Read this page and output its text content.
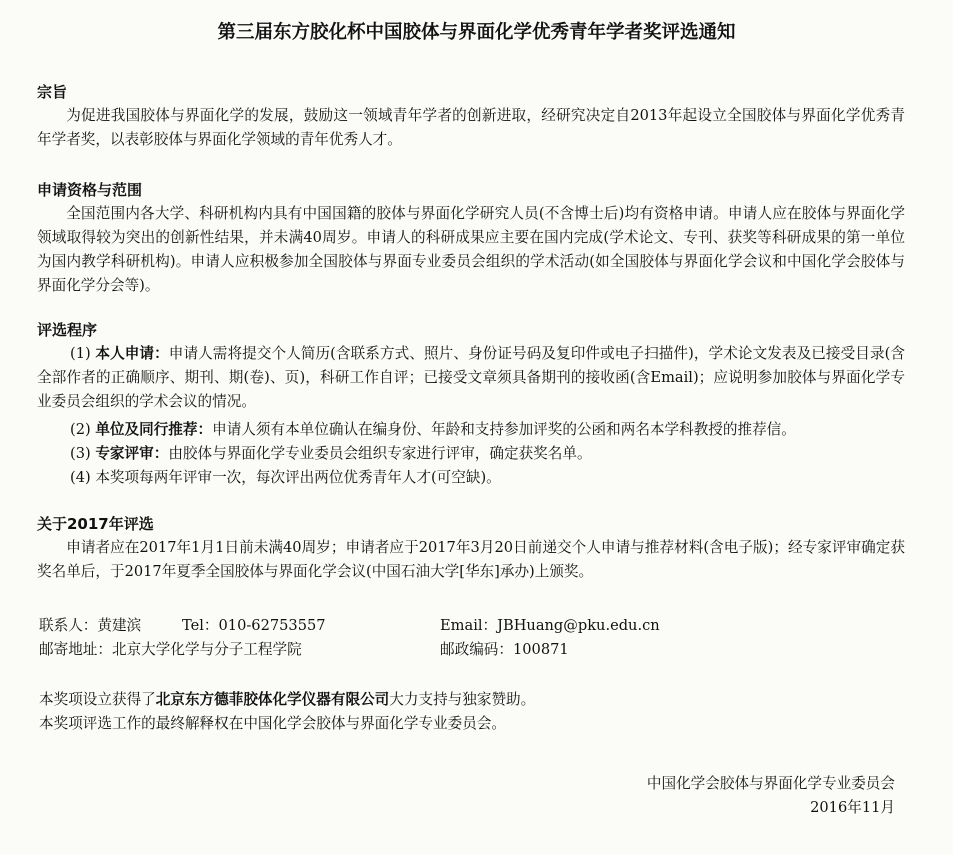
第三届东方胶化杯中国胶体与界面化学优秀青年学者奖评选通知
宗旨
为促进我国胶体与界面化学的发展，鼓励这一领域青年学者的创新进取，经研究决定自2013年起设立全国胶体与界面化学优秀青年学者奖，以表彰胶体与界面化学领域的青年优秀人才。
申请资格与范围
全国范围内各大学、科研机构内具有中国国籍的胶体与界面化学研究人员(不含博士后)均有资格申请。申请人应在胶体与界面化学领域取得较为突出的创新性结果，并未满40周岁。申请人的科研成果应主要在国内完成(学术论文、专刊、获奖等科研成果的第一单位为国内教学科研机构)。申请人应积极参加全国胶体与界面专业委员会组织的学术活动(如全国胶体与界面化学会议和中国化学会胶体与界面化学分会等)。
评选程序
(1) 本人申请：申请人需将提交个人简历(含联系方式、照片、身份证号码及复印件或电子扫描件)，学术论文发表及已接受目录(含全部作者的正确顺序、期刊、期(卷)、页)，科研工作自评；已接受文章须具备期刊的接收函(含Email)；应说明参加胶体与界面化学专业委员会组织的学术会议的情况。
(2) 单位及同行推荐：申请人须有本单位确认在编身份、年龄和支持参加评奖的公函和两名本学科教授的推荐信。
(3) 专家评审：由胶体与界面化学专业委员会组织专家进行评审，确定获奖名单。
(4) 本奖项每两年评审一次，每次评出两位优秀青年人才(可空缺)。
关于2017年评选
申请者应在2017年1月1日前未满40周岁；申请者应于2017年3月20日前递交个人申请与推荐材料(含电子版)；经专家评审确定获奖名单后，于2017年夏季全国胶体与界面化学会议(中国石油大学[华东]承办)上颁奖。
联系人：黄建滨	Tel：010-62753557	Email：JBHuang@pku.edu.cn
邮寄地址：北京大学化学与分子工程学院	邮政编码：100871
本奖项设立获得了北京东方德菲胶体化学仪器有限公司大力支持与独家赞助。
本奖项评选工作的最终解释权在中国化学会胶体与界面化学专业委员会。
中国化学会胶体与界面化学专业委员会
2016年11月
